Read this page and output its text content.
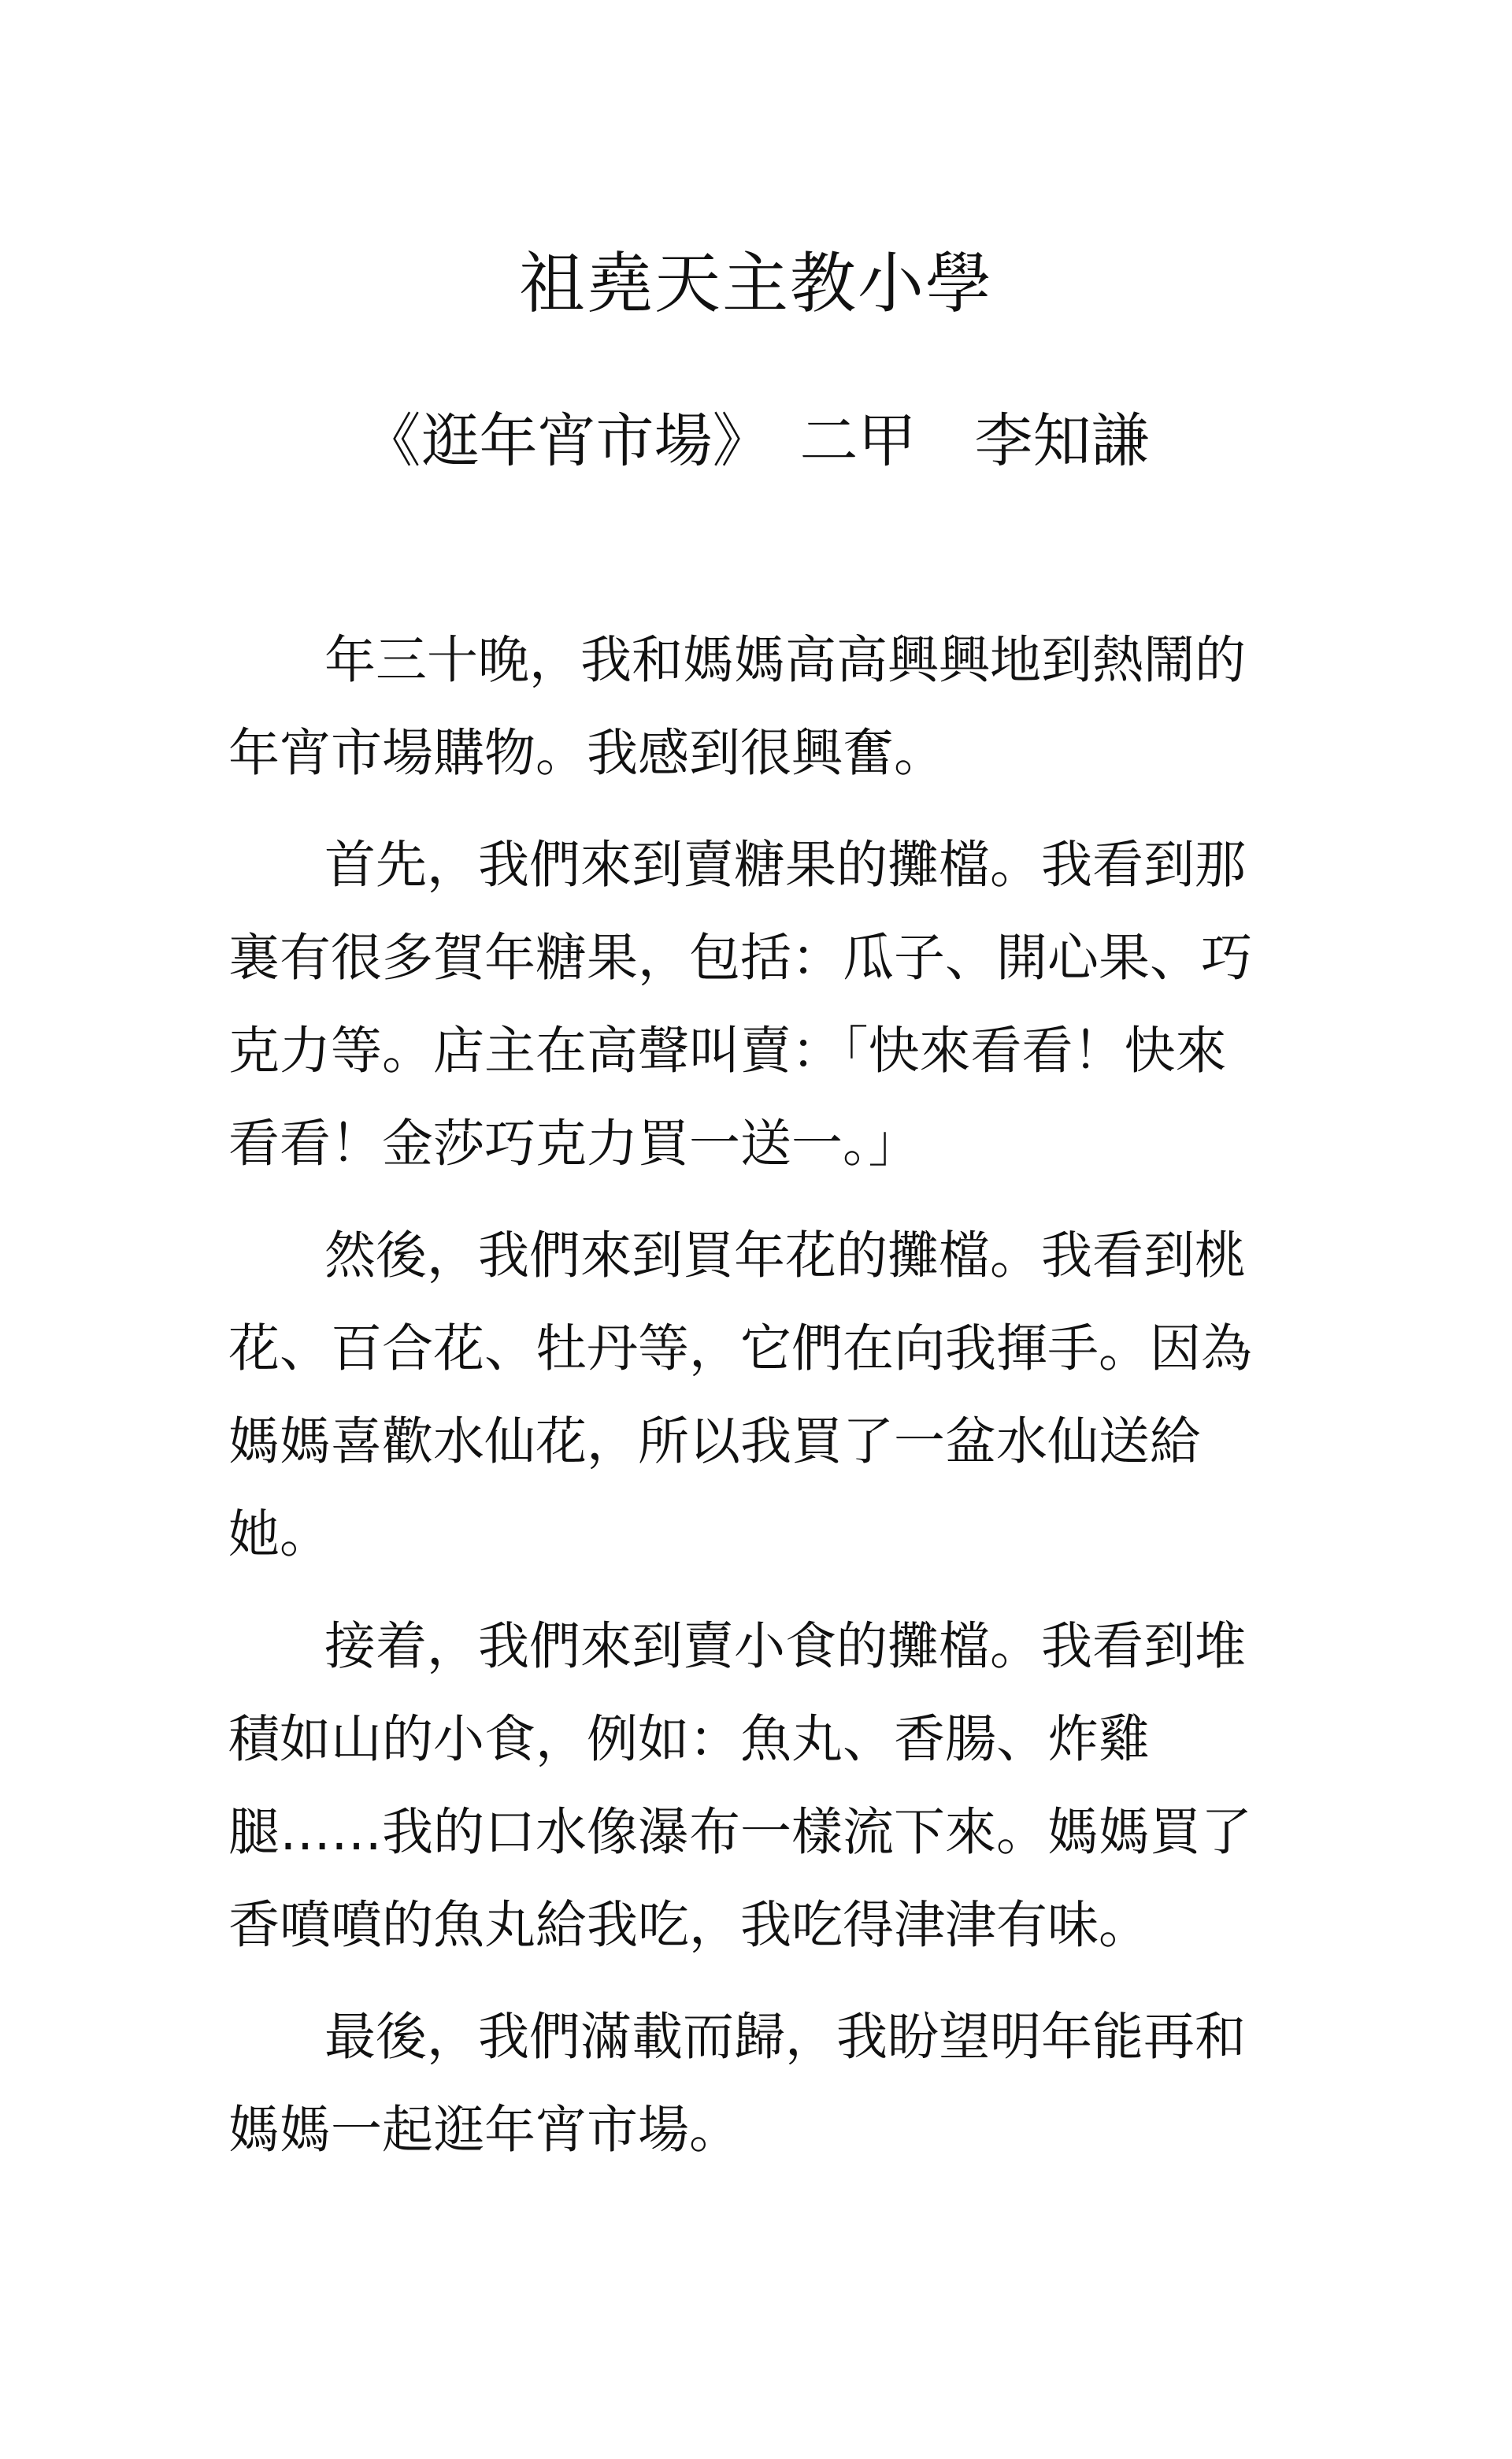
祖堯天主教小學
《逛年宵市場》　二甲　李知謙

年三十晚，我和媽媽高高興興地到熱鬧的年宵市場購物。我感到很興奮。

首先，我們來到賣糖果的攤檔。我看到那裏有很多賀年糖果，包括：瓜子、開心果、巧克力等。店主在高聲叫賣：「快來看看！快來看看！金莎巧克力買一送一。」

然後，我們來到買年花的攤檔。我看到桃花、百合花、牡丹等，它們在向我揮手。因為媽媽喜歡水仙花，所以我買了一盆水仙送給她。

接着，我們來到賣小食的攤檔。我看到堆積如山的小食，例如：魚丸、香腸、炸雞腿……我的口水像瀑布一樣流下來。媽媽買了香噴噴的魚丸給我吃，我吃得津津有味。

最後，我們滿載而歸，我盼望明年能再和媽媽一起逛年宵市場。
